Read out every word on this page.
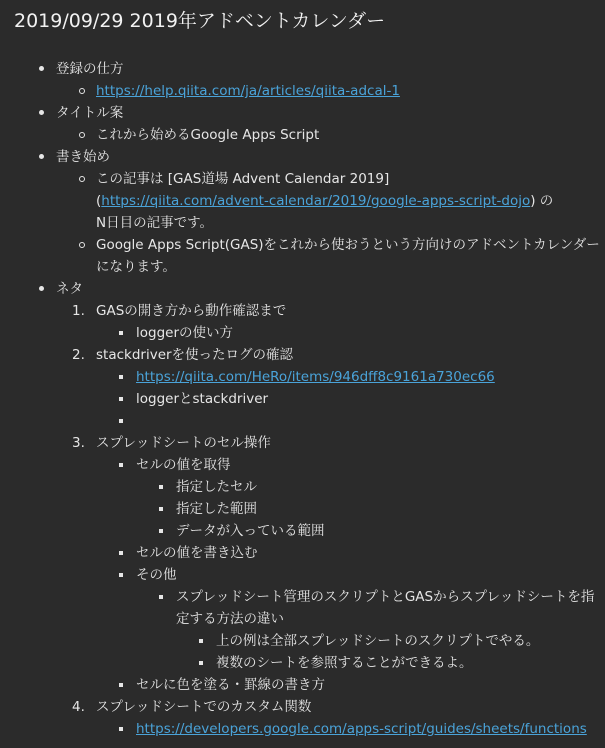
2019/09/29 2019年アドベントカレンダー
登録の仕方
https://help.qiita.com/ja/articles/qiita-adcal-1
タイトル案
これから始めるGoogle Apps Script
書き始め
この記事は [GAS道場 Advent Calendar 2019]
(https://qiita.com/advent-calendar/2019/google-apps-script-dojo) の
N日目の記事です。
Google Apps Script(GAS)をこれから使おうという方向けのアドベントカレンダーになります。
ネタ
1. GASの開き方から動作確認まで
loggerの使い方
2. stackdriverを使ったログの確認
https://qiita.com/HeRo/items/946dff8c9161a730ec66
loggerとstackdriver
3. スプレッドシートのセル操作
セルの値を取得
指定したセル
指定した範囲
データが入っている範囲
セルの値を書き込む
その他
スプレッドシート管理のスクリプトとGASからスプレッドシートを指定する方法の違い
上の例は全部スプレッドシートのスクリプトでやる。
複数のシートを参照することができるよ。
セルに色を塗る・罫線の書き方
4. スプレッドシートでのカスタム関数
https://developers.google.com/apps-script/guides/sheets/functions
